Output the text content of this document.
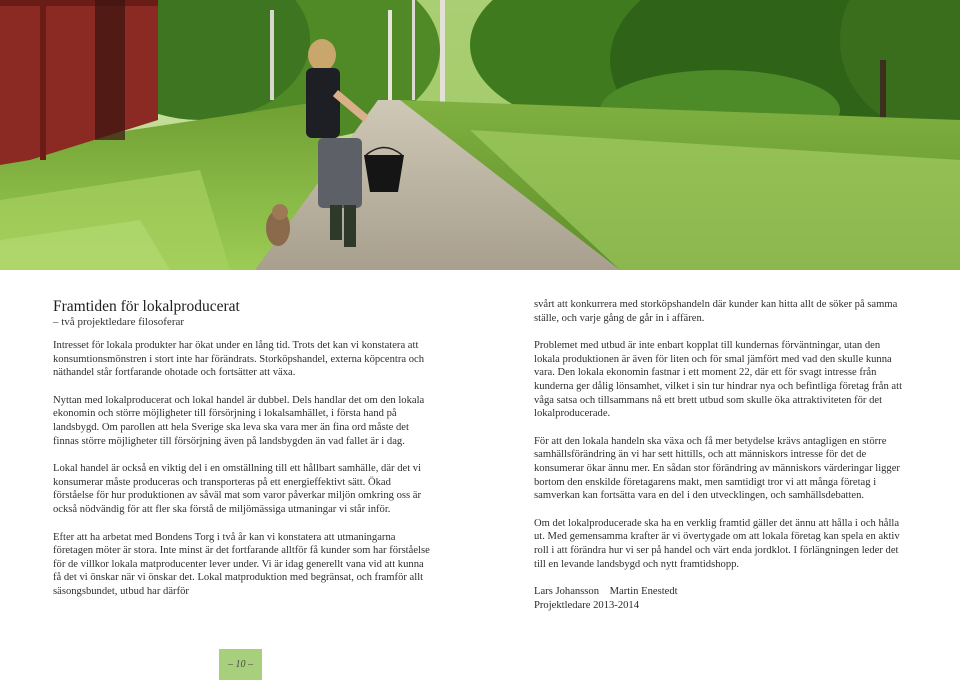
Framtiden för lokalproducerat
– två projektledare filosoferar

Intresset för lokala produkter har ökat under en lång tid. Trots det kan vi konstatera att konsumtionsmönstren i stort inte har förändrats. Storköpshandel, externa köpcentra och näthandel står fortfarande ohotade och fortsätter att växa.

Nyttan med lokalproducerat och lokal handel är dubbel. Dels handlar det om den lokala ekonomin och större möjligheter till försörjning i lokalsamhället, i första hand på landsbygd. Om parollen att hela Sverige ska leva ska vara mer än fina ord måste det finnas större möjligheter till försörjning även på landsbygden än vad fallet är i dag.

Lokal handel är också en viktig del i en omställning till ett hållbart samhälle, där det vi konsumerar måste produceras och transporteras på ett energieffektivt sätt. Ökad förståelse för hur produktionen av såväl mat som varor påverkar miljön omkring oss är också nödvändig för att fler ska förstå de miljömässiga utmaningar vi står inför.

Efter att ha arbetat med Bondens Torg i två år kan vi konstatera att utmaningarna företagen möter är stora. Inte minst är det fortfarande alltför få kunder som har förståelse för de villkor lokala matproducenter lever under. Vi är idag generellt vana vid att kunna få det vi önskar när vi önskar det. Lokal matproduktion med begränsat, och framför allt säsongsbundet, utbud har därför

svårt att konkurrera med storköpshandeln där kunder kan hitta allt de söker på samma ställe, och varje gång de går in i affären.

Problemet med utbud är inte enbart kopplat till kundernas förväntningar, utan den lokala produktionen är även för liten och för smal jämfört med vad den skulle kunna vara. Den lokala ekonomin fastnar i ett moment 22, där ett för svagt intresse från kunderna ger dålig lönsamhet, vilket i sin tur hindrar nya och befintliga företag från att våga satsa och tillsammans nå ett brett utbud som skulle öka attraktiviteten för det lokalproducerade.

För att den lokala handeln ska växa och få mer betydelse krävs antagligen en större samhällsförändring än vi har sett hittills, och att människors intresse för det de konsumerar ökar ännu mer. En sådan stor förändring av människors värderingar ligger bortom den enskilde företagarens makt, men samtidigt tror vi att många företag i samverkan kan fortsätta vara en del i den utvecklingen, och samhällsdebatten.

Om det lokalproducerade ska ha en verklig framtid gäller det ännu att hålla i och hålla ut. Med gemensamma krafter är vi övertygade om att lokala företag kan spela en aktiv roll i att förändra hur vi ser på handel och värt enda jordklot. I förlängningen leder det till en levande landsbygd och nytt framtidshopp.

Lars Johansson    Martin Enestedt
Projektledare 2013-2014
– 10 –
